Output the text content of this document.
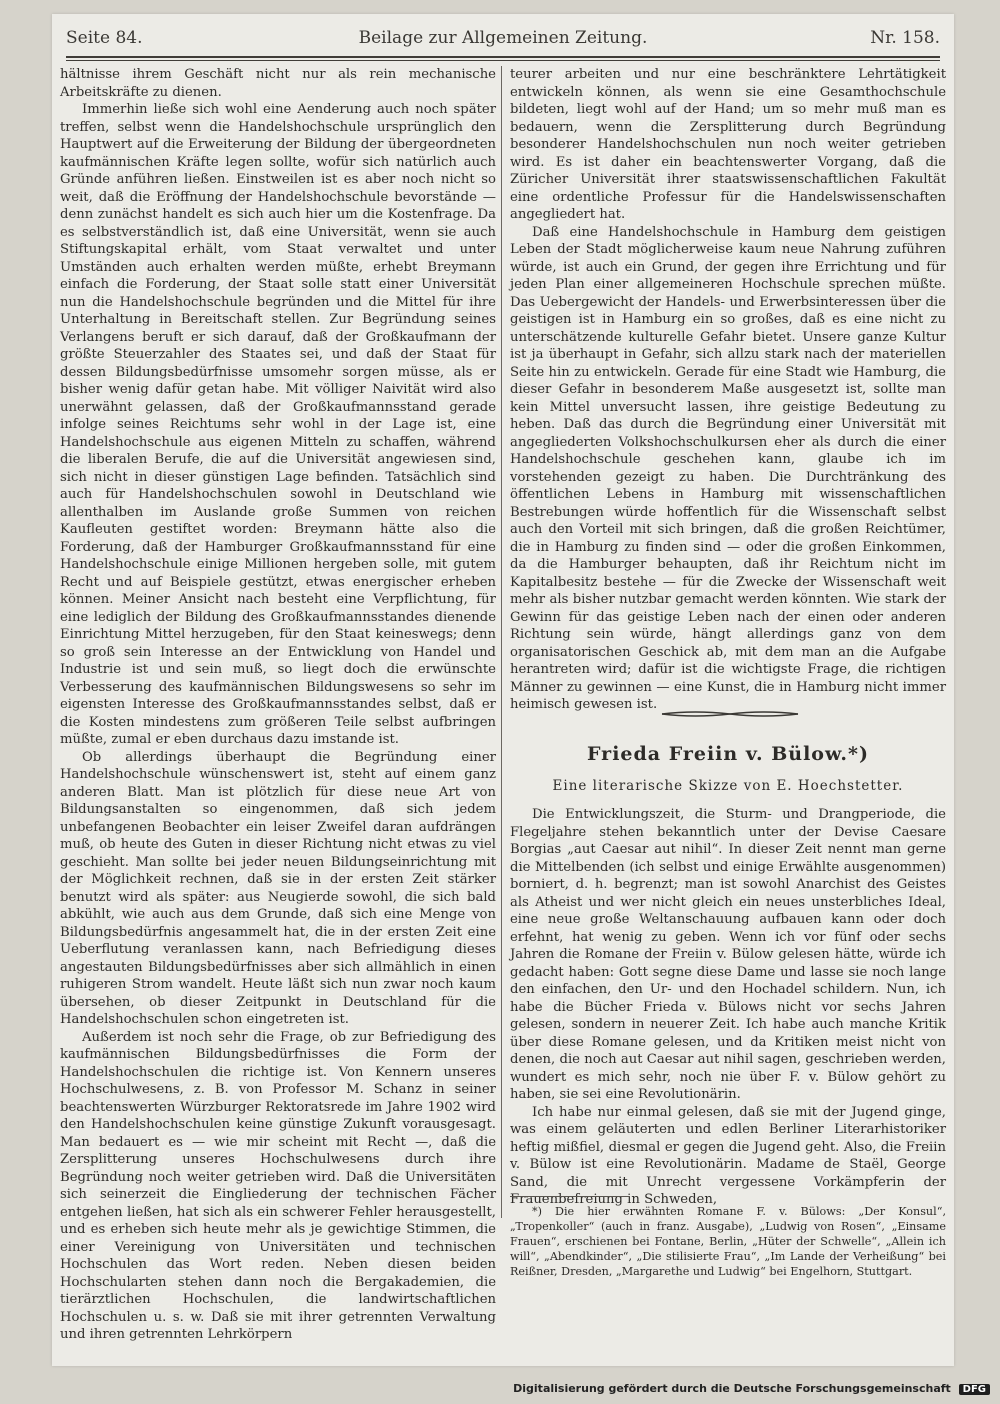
Seite 84.	Beilage zur Allgemeinen Zeitung.	Nr. 158.

hältnisse ihrem Geschäft nicht nur als rein mechanische Arbeitskräfte zu dienen.

Immerhin ließe sich wohl eine Aenderung auch noch später treffen, selbst wenn die Handelshochschule ursprünglich den Hauptwert auf die Erweiterung der Bildung der übergeordneten kaufmännischen Kräfte legen sollte, wofür sich natürlich auch Gründe anführen ließen. Einstweilen ist es aber noch nicht so weit, daß die Eröffnung der Handelshochschule bevorstände — denn zunächst handelt es sich auch hier um die Kostenfrage. Da es selbstverständlich ist, daß eine Universität, wenn sie auch Stiftungskapital erhält, vom Staat verwaltet und unter Umständen auch erhalten werden müßte, erhebt Breymann einfach die Forderung, der Staat solle statt einer Universität nun die Handelshochschule begründen und die Mittel für ihre Unterhaltung in Bereitschaft stellen. Zur Begründung seines Verlangens beruft er sich darauf, daß der Großkaufmann der größte Steuerzahler des Staates sei, und daß der Staat für dessen Bildungsbedürfnisse umsomehr sorgen müsse, als er bisher wenig dafür getan habe. Mit völliger Naivität wird also unerwähnt gelassen, daß der Großkaufmannsstand gerade infolge seines Reichtums sehr wohl in der Lage ist, eine Handelshochschule aus eigenen Mitteln zu schaffen, während die liberalen Berufe, die auf die Universität angewiesen sind, sich nicht in dieser günstigen Lage befinden. Tatsächlich sind auch für Handelshochschulen sowohl in Deutschland wie allenthalben im Auslande große Summen von reichen Kaufleuten gestiftet worden: Breymann hätte also die Forderung, daß der Hamburger Großkaufmannsstand für eine Handelshochschule einige Millionen hergeben solle, mit gutem Recht und auf Beispiele gestützt, etwas energischer erheben können. Meiner Ansicht nach besteht eine Verpflichtung, für eine lediglich der Bildung des Großkaufmannsstandes dienende Einrichtung Mittel herzugeben, für den Staat keineswegs; denn so groß sein Interesse an der Entwicklung von Handel und Industrie ist und sein muß, so liegt doch die erwünschte Verbesserung des kaufmännischen Bildungswesens so sehr im eigensten Interesse des Großkaufmannsstandes selbst, daß er die Kosten mindestens zum größeren Teile selbst aufbringen müßte, zumal er eben durchaus dazu imstande ist.

Ob allerdings überhaupt die Begründung einer Handelshochschule wünschenswert ist, steht auf einem ganz anderen Blatt. Man ist plötzlich für diese neue Art von Bildungsanstalten so eingenommen, daß sich jedem unbefangenen Beobachter ein leiser Zweifel daran aufdrängen muß, ob heute des Guten in dieser Richtung nicht etwas zu viel geschieht. Man sollte bei jeder neuen Bildungseinrichtung mit der Möglichkeit rechnen, daß sie in der ersten Zeit stärker benutzt wird als später: aus Neugierde sowohl, die sich bald abkühlt, wie auch aus dem Grunde, daß sich eine Menge von Bildungsbedürfnis angesammelt hat, die in der ersten Zeit eine Ueberflutung veranlassen kann, nach Befriedigung dieses angestauten Bildungsbedürfnisses aber sich allmählich in einen ruhigeren Strom wandelt. Heute läßt sich nun zwar noch kaum übersehen, ob dieser Zeitpunkt in Deutschland für die Handelshochschulen schon eingetreten ist.

Außerdem ist noch sehr die Frage, ob zur Befriedigung des kaufmännischen Bildungsbedürfnisses die Form der Handelshochschulen die richtige ist. Von Kennern unseres Hochschulwesens, z. B. von Professor M. Schanz in seiner beachtenswerten Würzburger Rektoratsrede im Jahre 1902 wird den Handelshochschulen keine günstige Zukunft vorausgesagt. Man bedauert es — wie mir scheint mit Recht —, daß die Zersplitterung unseres Hochschulwesens durch ihre Begründung noch weiter getrieben wird. Daß die Universitäten sich seinerzeit die Eingliederung der technischen Fächer entgehen ließen, hat sich als ein schwerer Fehler herausgestellt, und es erheben sich heute mehr als je gewichtige Stimmen, die einer Vereinigung von Universitäten und technischen Hochschulen das Wort reden. Neben diesen beiden Hochschularten stehen dann noch die Bergakademien, die tierärztlichen Hochschulen, die landwirtschaftlichen Hochschulen u. s. w. Daß sie mit ihrer getrennten Verwaltung und ihren getrennten Lehrkörpern

teurer arbeiten und nur eine beschränktere Lehrtätigkeit entwickeln können, als wenn sie eine Gesamthochschule bildeten, liegt wohl auf der Hand; um so mehr muß man es bedauern, wenn die Zersplitterung durch Begründung besonderer Handelshochschulen nun noch weiter getrieben wird. Es ist daher ein beachtenswerter Vorgang, daß die Züricher Universität ihrer staatswissenschaftlichen Fakultät eine ordentliche Professur für die Handelswissenschaften angegliedert hat.

Daß eine Handelshochschule in Hamburg dem geistigen Leben der Stadt möglicherweise kaum neue Nahrung zuführen würde, ist auch ein Grund, der gegen ihre Errichtung und für jeden Plan einer allgemeineren Hochschule sprechen müßte. Das Uebergewicht der Handels- und Erwerbsinteressen über die geistigen ist in Hamburg ein so großes, daß es eine nicht zu unterschätzende kulturelle Gefahr bietet. Unsere ganze Kultur ist ja überhaupt in Gefahr, sich allzu stark nach der materiellen Seite hin zu entwickeln. Gerade für eine Stadt wie Hamburg, die dieser Gefahr in besonderem Maße ausgesetzt ist, sollte man kein Mittel unversucht lassen, ihre geistige Bedeutung zu heben. Daß das durch die Begründung einer Universität mit angegliederten Volkshochschulkursen eher als durch die einer Handelshochschule geschehen kann, glaube ich im vorstehenden gezeigt zu haben. Die Durchtränkung des öffentlichen Lebens in Hamburg mit wissenschaftlichen Bestrebungen würde hoffentlich für die Wissenschaft selbst auch den Vorteil mit sich bringen, daß die großen Reichtümer, die in Hamburg zu finden sind — oder die großen Einkommen, da die Hamburger behaupten, daß ihr Reichtum nicht im Kapitalbesitz bestehe — für die Zwecke der Wissenschaft weit mehr als bisher nutzbar gemacht werden könnten. Wie stark der Gewinn für das geistige Leben nach der einen oder anderen Richtung sein würde, hängt allerdings ganz von dem organisatorischen Geschick ab, mit dem man an die Aufgabe herantreten wird; dafür ist die wichtigste Frage, die richtigen Männer zu gewinnen — eine Kunst, die in Hamburg nicht immer heimisch gewesen ist.

Frieda Freiin v. Bülow.*)
Eine literarische Skizze von E. Hoechstetter.

Die Entwicklungszeit, die Sturm- und Drangperiode, die Flegeljahre stehen bekanntlich unter der Devise Caesare Borgias „aut Caesar aut nihil“. In dieser Zeit nennt man gerne die Mittelbenden (ich selbst und einige Erwählte ausgenommen) borniert, d. h. begrenzt; man ist sowohl Anarchist des Geistes als Atheist und wer nicht gleich ein neues unsterbliches Ideal, eine neue große Weltanschauung aufbauen kann oder doch erfehnt, hat wenig zu geben. Wenn ich vor fünf oder sechs Jahren die Romane der Freiin v. Bülow gelesen hätte, würde ich gedacht haben: Gott segne diese Dame und lasse sie noch lange den einfachen, den Ur- und den Hochadel schildern. Nun, ich habe die Bücher Frieda v. Bülows nicht vor sechs Jahren gelesen, sondern in neuerer Zeit. Ich habe auch manche Kritik über diese Romane gelesen, und da Kritiken meist nicht von denen, die noch aut Caesar aut nihil sagen, geschrieben werden, wundert es mich sehr, noch nie über F. v. Bülow gehört zu haben, sie sei eine Revolutionärin.

Ich habe nur einmal gelesen, daß sie mit der Jugend ginge, was einem geläuterten und edlen Berliner Literarhistoriker heftig mißfiel, diesmal er gegen die Jugend geht. Also, die Freiin v. Bülow ist eine Revolutionärin. Madame de Staël, George Sand, die mit Unrecht vergessene Vorkämpferin der Frauenbefreiung in Schweden,

*) Die hier erwähnten Romane F. v. Bülows: „Der Konsul“, „Tropenkoller“ (auch in franz. Ausgabe), „Ludwig von Rosen“, „Einsame Frauen“, erschienen bei Fontane, Berlin, „Hüter der Schwelle“, „Allein ich will“, „Abendkinder“, „Die stilisierte Frau“, „Im Lande der Verheißung“ bei Reißner, Dresden, „Margarethe und Ludwig“ bei Engelhorn, Stuttgart.

Digitalisierung gefördert durch die Deutsche Forschungsgemeinschaft DFG
